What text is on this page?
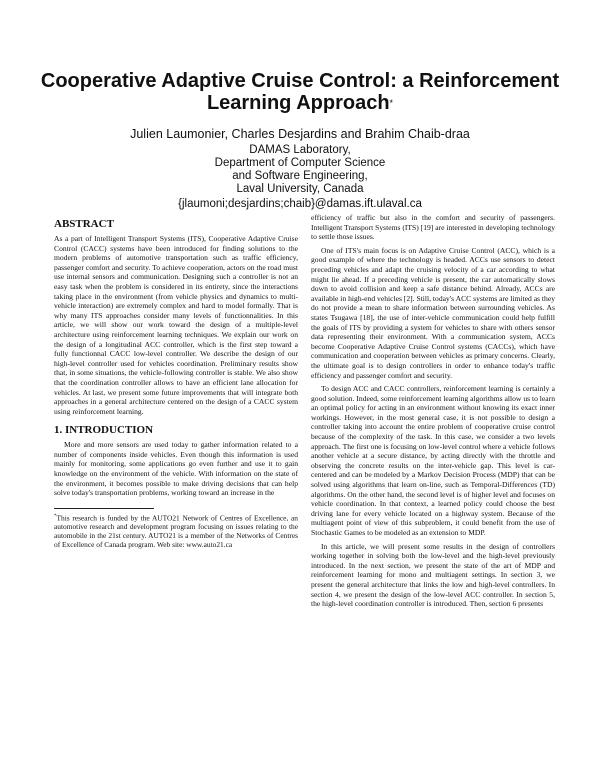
Cooperative Adaptive Cruise Control: a Reinforcement Learning Approach*
Julien Laumonier, Charles Desjardins and Brahim Chaib-draa
DAMAS Laboratory,
Department of Computer Science
and Software Engineering,
Laval University, Canada
{jlaumoni;desjardins;chaib}@damas.ift.ulaval.ca
ABSTRACT

As a part of Intelligent Transport Systems (ITS), Cooperative Adaptive Cruise Control (CACC) systems have been introduced for finding solutions to the modern problems of automotive transportation such as traffic efficiency, passenger comfort and security. To achieve cooperation, actors on the road must use internal sensors and communication. Designing such a controller is not an easy task when the problem is considered in its entirety, since the interactions taking place in the environment (from vehicle physics and dynamics to multi-vehicle interaction) are extremely complex and hard to model formally. That is why many ITS approaches consider many levels of functionnalities. In this article, we will show our work toward the design of a multiple-level architecture using reinforcement learning techniques. We explain our work on the design of a longitudinal ACC controller, which is the first step toward a fully functionnal CACC low-level controller. We describe the design of our high-level controller used for vehicles coordination. Preliminary results show that, in some situations, the vehicle-following controller is stable. We also show that the coordination controller allows to have an efficient lane allocation for vehicles. At last, we present some future improvements that will integrate both approaches in a general architecture centered on the design of a CACC system using reinforcement learning.

1. INTRODUCTION

More and more sensors are used today to gather information related to a number of components inside vehicles. Even though this information is used mainly for monitoring, some applications go even further and use it to gain knowledge on the environment of the vehicle. With information on the state of the environment, it becomes possible to make driving decisions that can help solve today's transportation problems, working toward an increase in the

*This research is funded by the AUTO21 Network of Centres of Excellence, an automotive research and development program focusing on issues relating to the automobile in the 21st century. AUTO21 is a member of the Networks of Centres of Excellence of Canada program. Web site: www.auto21.ca

efficiency of traffic but also in the comfort and security of passengers. Intelligent Transport Systems (ITS) [19] are interested in developing technology to settle those issues.

One of ITS's main focus is on Adaptive Cruise Control (ACC), which is a good example of where the technology is headed. ACCs use sensors to detect preceding vehicles and adapt the cruising velocity of a car according to what might lie ahead. If a preceding vehicle is present, the car automatically slows down to avoid collision and keep a safe distance behind. Already, ACCs are available in high-end vehicles [2]. Still, today's ACC systems are limited as they do not provide a mean to share information between surrounding vehicles. As states Tsugawa [18], the use of inter-vehicle communication could help fulfill the goals of ITS by providing a system for vehicles to share with others sensor data representing their environment. With a communication system, ACCs become Cooperative Adaptive Cruise Control systems (CACCs), which have communication and cooperation between vehicles as primary concerns. Clearly, the ultimate goal is to design controllers in order to enhance today's traffic efficiency and passenger comfort and security.

To design ACC and CACC controllers, reinforcement learning is certainly a good solution. Indeed, some reinforcement learning algorithms allow us to learn an optimal policy for acting in an environment without knowing its exact inner workings. However, in the most general case, it is not possible to design a controller taking into account the entire problem of cooperative cruise control because of the complexity of the task. In this case, we consider a two levels approach. The first one is focusing on low-level control where a vehicle follows another vehicle at a secure distance, by acting directly with the throttle and observing the concrete results on the inter-vehicle gap. This level is car-centered and can be modeled by a Markov Decision Process (MDP) that can be solved using algorithms that learn on-line, such as Temporal-Differences (TD) algorithms. On the other hand, the second level is of higher level and focuses on vehicle coordination. In that context, a learned policy could choose the best driving lane for every vehicle located on a highway system. Because of the multiagent point of view of this subproblem, it could benefit from the use of Stochastic Games to be modeled as an extension to MDP.

In this article, we will present some results in the design of controllers working together in solving both the low-level and the high-level previously introduced. In the next section, we present the state of the art of MDP and reinforcement learning for mono and multiagent settings. In section 3, we present the general architecture that links the low and high-level controllers. In section 4, we present the design of the low-level ACC controller. In section 5, the high-level coordination controller is introduced. Then, section 6 presents
